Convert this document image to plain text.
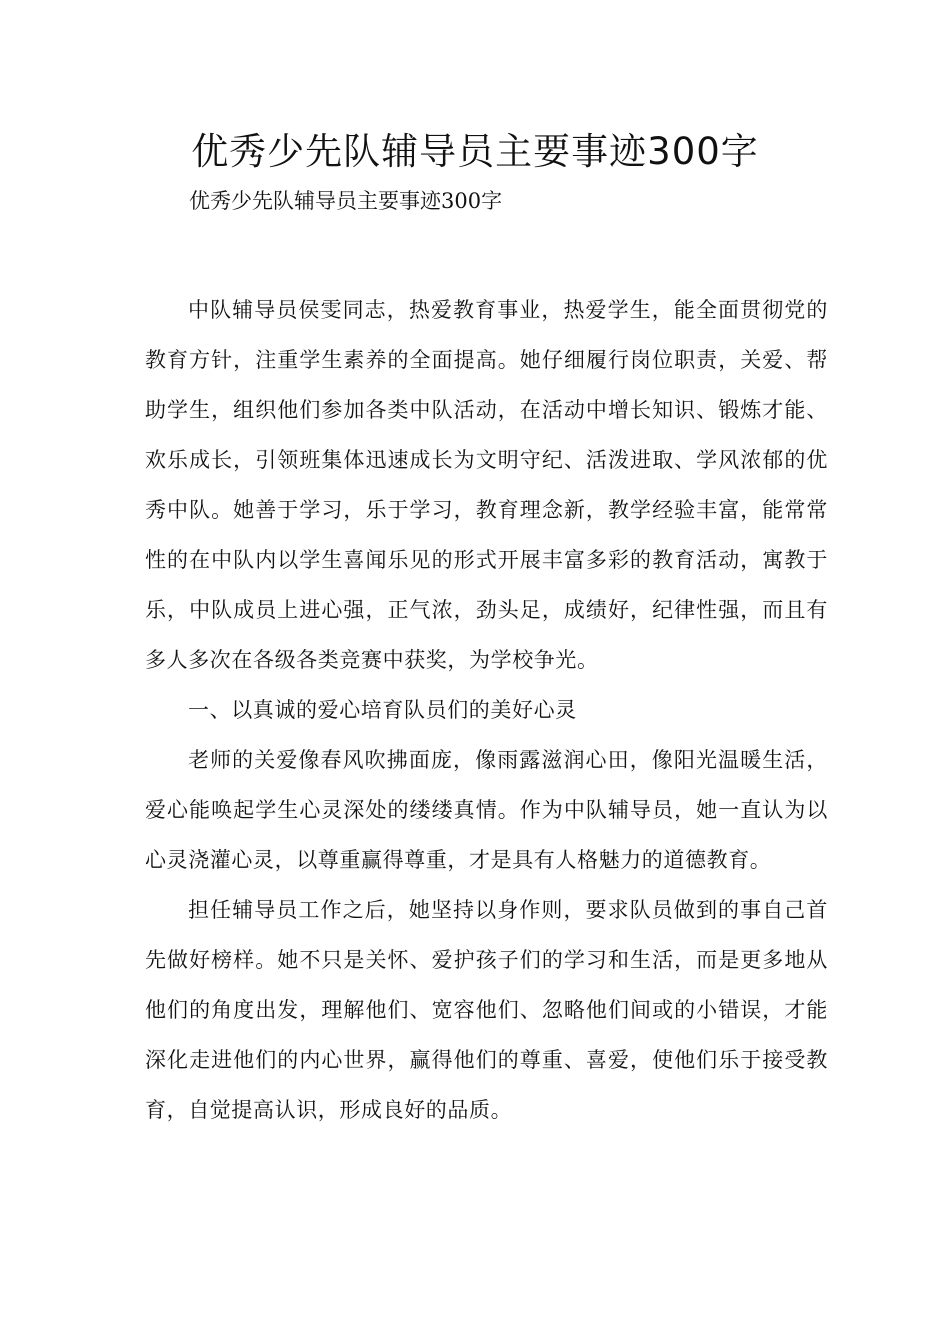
优秀少先队辅导员主要事迹300字

优秀少先队辅导员主要事迹300字

中队辅导员侯雯同志，热爱教育事业，热爱学生，能全面贯彻党的教育方针，注重学生素养的全面提高。她仔细履行岗位职责，关爱、帮助学生，组织他们参加各类中队活动，在活动中增长知识、锻炼才能、欢乐成长，引领班集体迅速成长为文明守纪、活泼进取、学风浓郁的优秀中队。她善于学习，乐于学习，教育理念新，教学经验丰富，能常常性的在中队内以学生喜闻乐见的形式开展丰富多彩的教育活动，寓教于乐，中队成员上进心强，正气浓，劲头足，成绩好，纪律性强，而且有多人多次在各级各类竞赛中获奖，为学校争光。

一、以真诚的爱心培育队员们的美好心灵

老师的关爱像春风吹拂面庞，像雨露滋润心田，像阳光温暖生活，爱心能唤起学生心灵深处的缕缕真情。作为中队辅导员，她一直认为以心灵浇灌心灵，以尊重赢得尊重，才是具有人格魅力的道德教育。

担任辅导员工作之后，她坚持以身作则，要求队员做到的事自己首先做好榜样。她不只是关怀、爱护孩子们的学习和生活，而是更多地从他们的角度出发，理解他们、宽容他们、忽略他们间或的小错误，才能深化走进他们的内心世界，赢得他们的尊重、喜爱，使他们乐于接受教育，自觉提高认识，形成良好的品质。
